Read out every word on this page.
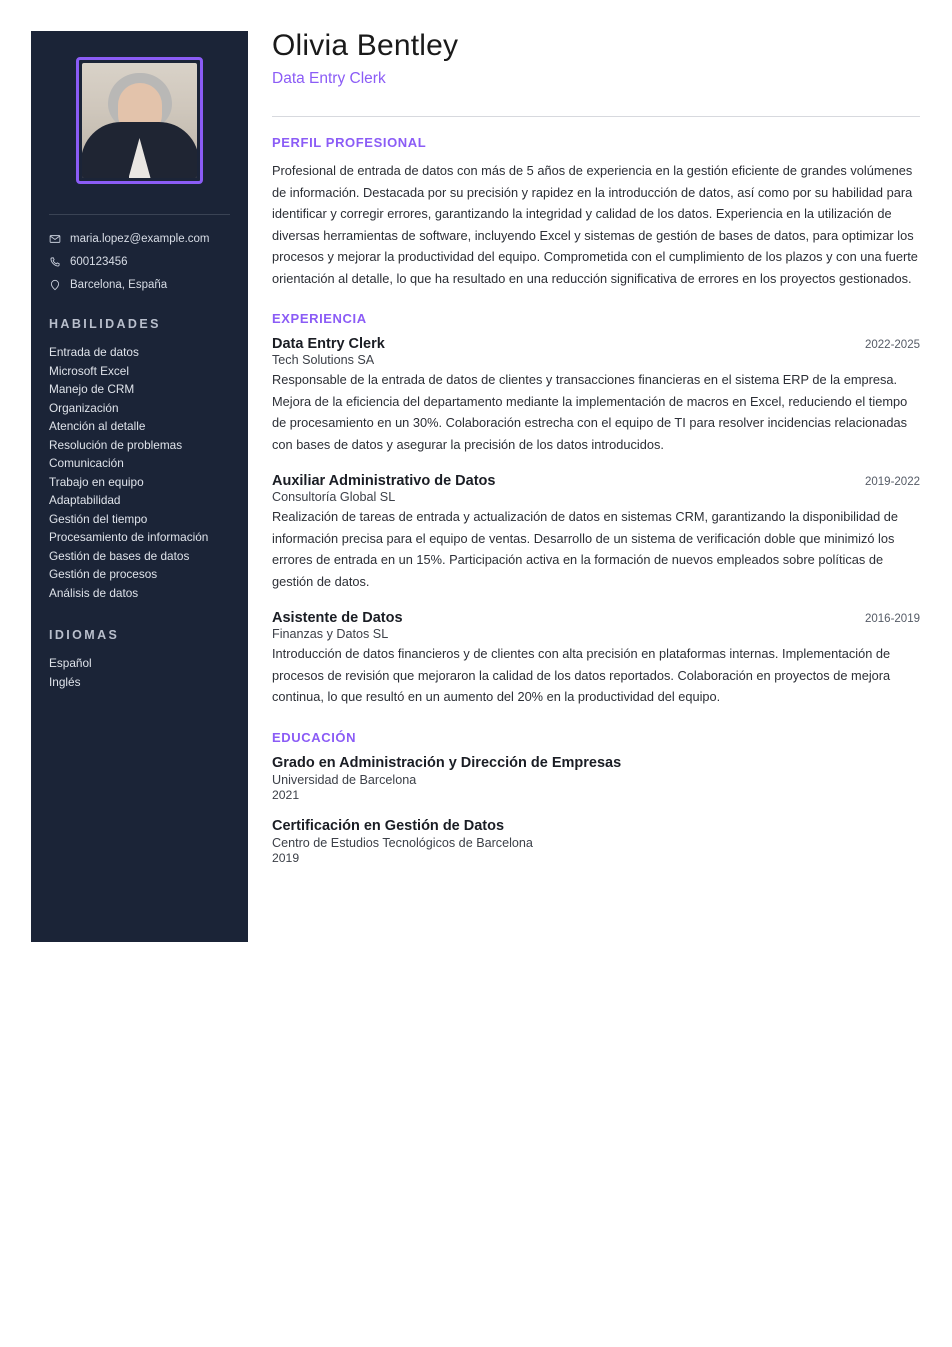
maria.lopez@example.com
600123456
Barcelona, España
HABILIDADES
Entrada de datos
Microsoft Excel
Manejo de CRM
Organización
Atención al detalle
Resolución de problemas
Comunicación
Trabajo en equipo
Adaptabilidad
Gestión del tiempo
Procesamiento de información
Gestión de bases de datos
Gestión de procesos
Análisis de datos
IDIOMAS
Español
Inglés
Olivia Bentley

Data Entry Clerk

PERFIL PROFESIONAL

Profesional de entrada de datos con más de 5 años de experiencia en la gestión eficiente de grandes volúmenes de información. Destacada por su precisión y rapidez en la introducción de datos, así como por su habilidad para identificar y corregir errores, garantizando la integridad y calidad de los datos. Experiencia en la utilización de diversas herramientas de software, incluyendo Excel y sistemas de gestión de bases de datos, para optimizar los procesos y mejorar la productividad del equipo. Comprometida con el cumplimiento de los plazos y con una fuerte orientación al detalle, lo que ha resultado en una reducción significativa de errores en los proyectos gestionados.

EXPERIENCIA
Data Entry Clerk	2022-2025
Tech Solutions SA

Responsable de la entrada de datos de clientes y transacciones financieras en el sistema ERP de la empresa. Mejora de la eficiencia del departamento mediante la implementación de macros en Excel, reduciendo el tiempo de procesamiento en un 30%. Colaboración estrecha con el equipo de TI para resolver incidencias relacionadas con bases de datos y asegurar la precisión de los datos introducidos.

Auxiliar Administrativo de Datos	2019-2022
Consultoría Global SL

Realización de tareas de entrada y actualización de datos en sistemas CRM, garantizando la disponibilidad de información precisa para el equipo de ventas. Desarrollo de un sistema de verificación doble que minimizó los errores de entrada en un 15%. Participación activa en la formación de nuevos empleados sobre políticas de gestión de datos.

Asistente de Datos	2016-2019
Finanzas y Datos SL

Introducción de datos financieros y de clientes con alta precisión en plataformas internas. Implementación de procesos de revisión que mejoraron la calidad de los datos reportados. Colaboración en proyectos de mejora continua, lo que resultó en un aumento del 20% en la productividad del equipo.

EDUCACIÓN
Grado en Administración y Dirección de Empresas
Universidad de Barcelona
2021
Certificación en Gestión de Datos
Centro de Estudios Tecnológicos de Barcelona
2019
